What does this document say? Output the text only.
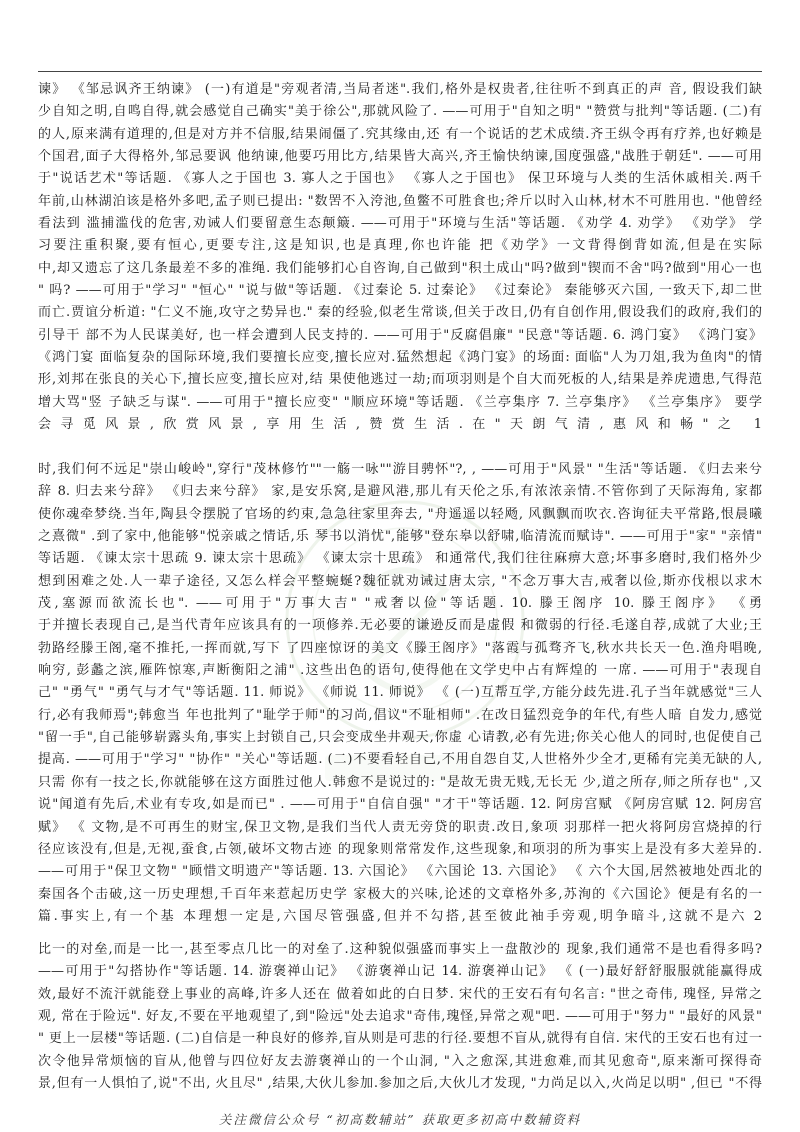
谏》 《邹忌讽齐王纳谏》 (一)有道是"旁观者清,当局者迷".我们,格外是权贵者,往往听不到真正的声 音, 假设我们缺
少自知之明,自鸣自得,就会感觉自己确实"美于徐公",那就风险了. ——可用于"自知之明" "赞赏与批判"等话题. (二)有
的人,原来满有道理的,但是对方并不信服,结果闹僵了.究其缘由,还 有一个说话的艺术成绩.齐王纵令再有疗养,也好赖是
个国君,面子大得格外,邹忌要讽 他纳谏,他要巧用比方,结果皆大高兴,齐王愉快纳谏,国度强盛,"战胜于朝廷". ——可用
于"说话艺术"等话题. 《寡人之于国也 3. 寡人之于国也》 《寡人之于国也》 保卫环境与人类的生活休戚相关.两千
年前,山林湖泊该是格外多吧,孟子则已提出: "数罟不入洿池,鱼鳖不可胜食也;斧斤以时入山林,材木不可胜用也. "他曾经
看法到 滥捕滥伐的危害,劝诫人们要留意生态颠簸. ——可用于"环境与生活"等话题. 《劝学 4. 劝学》 《劝学》 学
习要注重积聚,要有恒心,更要专注,这是知识,也是真理,你也许能 把《劝学》一文背得倒背如流,但是在实际
中,却又遗忘了这几条最差不多的准绳. 我们能够扪心自咨询,自己做到"积土成山"吗?做到"锲而不舍"吗?做到"用心一也
" 吗? ——可用于"学习" "恒心" "说与做"等话题. 《过秦论 5. 过秦论》 《过秦论》 秦能够灭六国, 一致天下,却二世
而亡.贾谊分析道: "仁义不施,攻守之势异也." 秦的经验,似老生常谈,但关于改日,仍有自创作用,假设我们的政府,我们的
引导干 部不为人民谋美好, 也一样会遭到人民支持的. ——可用于"反腐倡廉" "民意"等话题. 6. 鸿门宴》 《鸿门宴》
《鸿门宴 面临复杂的国际环境,我们要擅长应变,擅长应对.猛然想起《鸿门宴》的场面: 面临"人为刀俎,我为鱼肉"的情
形,刘邦在张良的关心下,擅长应变,擅长应对,结 果使他逃过一劫;而项羽则是个自大而死板的人,结果是养虎遗患,气得范
增大骂"竖 子缺乏与谋". ——可用于"擅长应变" "顺应环境"等话题. 《兰亭集序 7. 兰亭集序》 《兰亭集序》 要学
会寻觅风景,欣赏风景,享用生活,赞赏生活.在"天朗气清,惠风和畅"之 1
时,我们何不远足"崇山峻岭",穿行"茂林修竹""一觞一咏""游目骋怀"?, , ——可用于"风景" "生活"等话题. 《归去来兮
辞 8. 归去来兮辞》 《归去来兮辞》 家,是安乐窝,是避风港,那儿有天伦之乐,有浓浓亲情.不管你到了天际海角, 家都
使你魂牵梦绕.当年,陶县令摆脱了官场的约束,急急往家里奔去, "舟遥遥以轻飏, 风飘飘而吹衣.咨询征夫平常路,恨晨曦
之熹微" .到了家中,他能够"悦亲戚之情话,乐 琴书以消忧",能够"登东皋以舒啸,临清流而赋诗". ——可用于"家" "亲情"
等话题. 《谏太宗十思疏 9. 谏太宗十思疏》 《谏太宗十思疏》 和通常代,我们往往麻痹大意;坏事多磨时,我们格外少
想到困难之处.人一辈子途径, 又怎么样会平整蜿蜒?魏征就劝诫过唐太宗, "不念万事大吉,戒奢以俭,斯亦伐根以求木
茂,塞源而欲流长也". ——可用于"万事大吉" "戒奢以俭"等话题. 10. 滕王阁序 10. 滕王阁序》 《勇
于并擅长表现自己,是当代青年应该具有的一项修养.无必要的谦逊反而是虚假 和微弱的行径.毛遂自荐,成就了大业;王
勃路经滕王阁,毫不推托,一挥而就,写下 了四座惊讶的美文《滕王阁序》"落霞与孤骛齐飞,秋水共长天一色.渔舟唱晚,
响穷, 彭蠡之滨,雁阵惊寒,声断衡阳之浦" .这些出色的语句,使得他在文学史中占有辉煌的 一席. ——可用于"表现自
己" "勇气" "勇气与才气"等话题. 11. 师说》 《师说 11. 师说》 《 (一)互帮互学,方能分歧先进.孔子当年就感觉"三人
行,必有我师焉";韩愈当 年也批判了"耻学于师"的习尚,倡议"不耻相师" .在改日猛烈竞争的年代,有些人暗 自发力,感觉
"留一手",自己能够崭露头角,事实上封锁自己,只会变成坐井观天,你虚 心请教,必有先进;你关心他人的同时,也促使自己
提高. ——可用于"学习" "协作" "关心"等话题. (二)不要看轻自己,不用自怨自艾,人世格外少全才,更稀有完美无缺的人,
只需 你有一技之长,你就能够在这方面胜过他人.韩愈不是说过的: "是故无贵无贱,无长无 少,道之所存,师之所存也" ,又
说"闻道有先后,术业有专攻,如是而已" . ——可用于"自信自强" "才干"等话题. 12. 阿房宫赋 《阿房宫赋 12. 阿房宫
赋》 《 文物,是不可再生的财宝,保卫文物,是我们当代人责无旁贷的职责.改日,象项 羽那样一把火将阿房宫烧掉的行
径应该没有,但是,无视,蚕食,占领,破坏文物古迹 的现象则常常发作,这些现象,和项羽的所为事实上是没有多大差异的.
——可用于"保卫文物" "顾惜文明遗产"等话题. 13. 六国论》 《六国论 13. 六国论》 《 六个大国,居然被地处西北的
秦国各个击破,这一历史理想,千百年来惹起历史学 家极大的兴味,论述的文章格外多,苏洵的《六国论》便是有名的一
篇.事实上,有一个基 本理想一定是,六国尽管强盛,但并不勾搭,甚至彼此袖手旁观,明争暗斗,这就不是六 2
比一的对垒,而是一比一,甚至零点几比一的对垒了.这种貌似强盛而事实上一盘散沙的 现象,我们通常不是也看得多吗?
——可用于"勾搭协作"等话题. 14. 游褒禅山记》 《游褒禅山记 14. 游褒禅山记》 《 (一)最好舒舒服服就能赢得成
效,最好不流汗就能登上事业的高峰,许多人还在 做着如此的白日梦. 宋代的王安石有句名言: "世之奇伟, 瑰怪, 异常之
观, 常在于险远". 好友,不要在平地观望了,到"险远"处去追求"奇伟,瑰怪,异常之观"吧. ——可用于"努力" "最好的风景"
" 更上一层楼"等话题. (二)自信是一种良好的修养,盲从则是可悲的行径.要想不盲从,就得有自信. 宋代的王安石也有过一
次令他异常烦恼的盲从,他曾与四位好友去游褒禅山的一个山洞, "入之愈深,其进愈难,而其见愈奇",原来渐可探得奇
景,但有一人惧怕了,说"不出, 火且尽" ,结果,大伙儿参加.参加之后,大伙儿才发现, "力尚足以入,火尚足以明" ,但已 "不得
关注微信公众号 “初高数辅站” 获取更多初高中数辅资料
